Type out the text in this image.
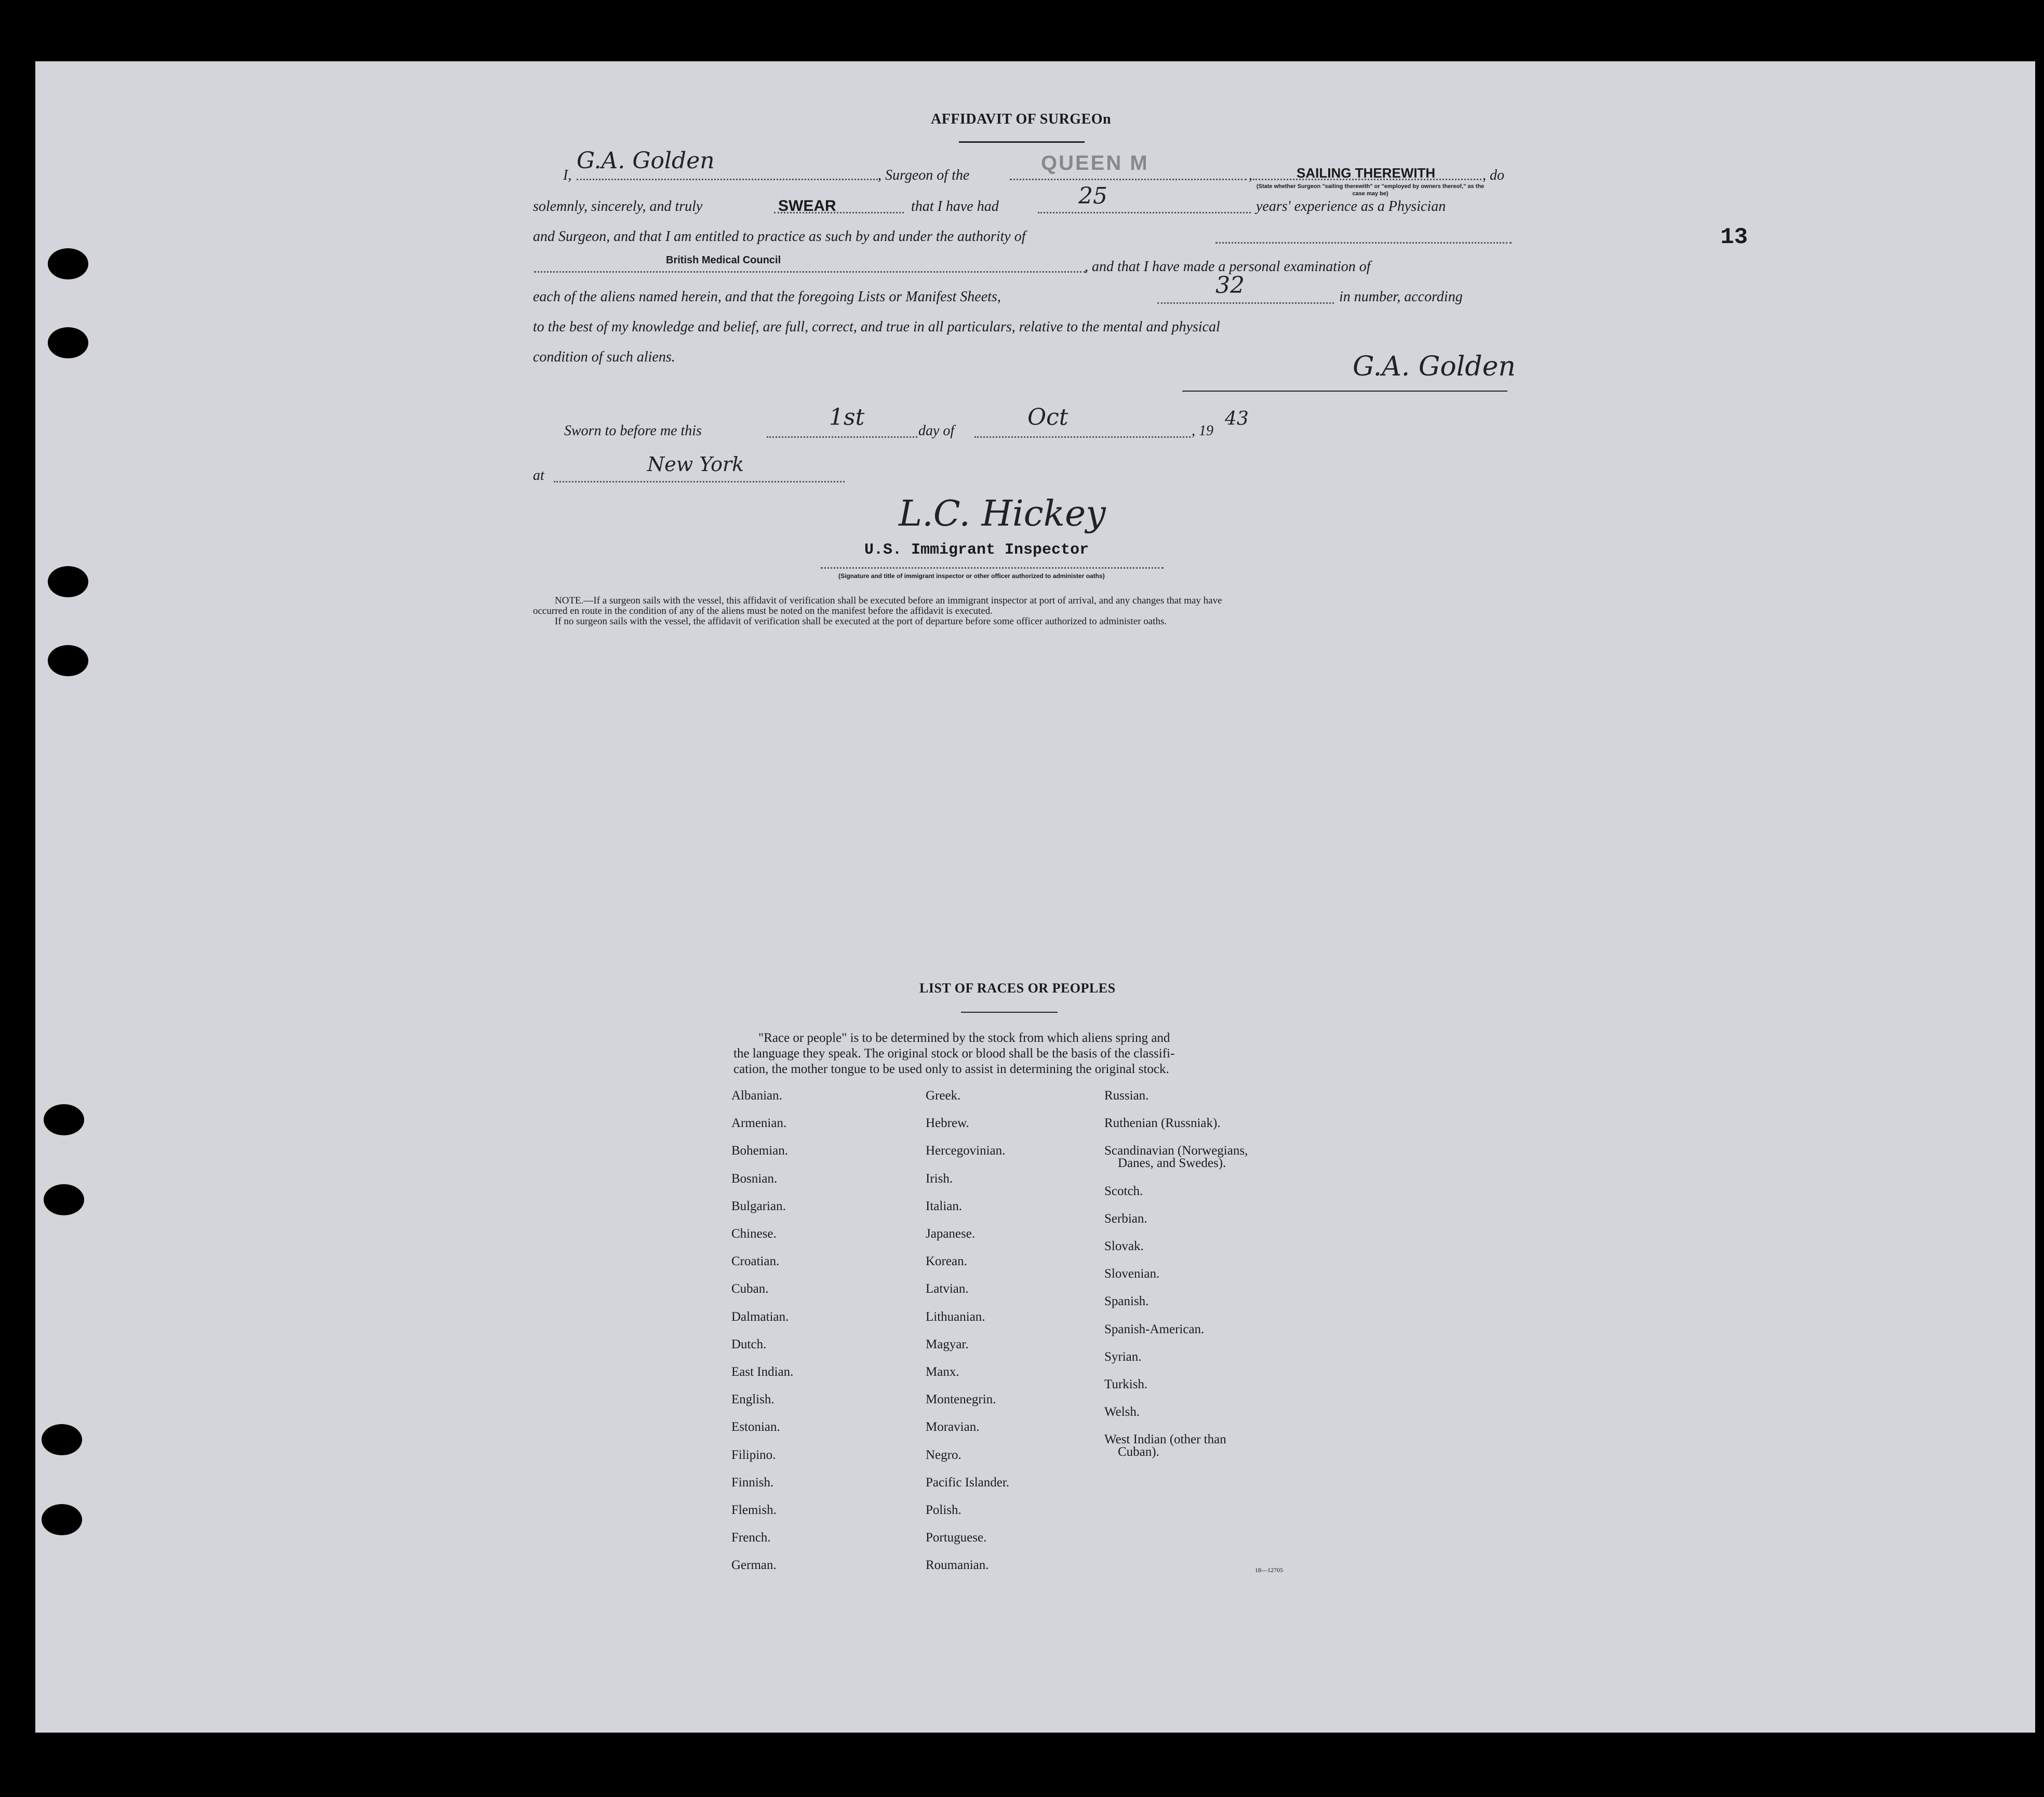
AFFIDAVIT OF SURGEOn
13
I,
G.A. Golden
, Surgeon of the
QUEEN M
,	SAILING THEREWITH	, do
(State whether Surgeon "sailing therewith" or "employed by owners thereof," as the case may be)
solemnly, sincerely, and truly	SWEAR	that I have had	25	years' experience as a Physician
and Surgeon, and that I am entitled to practice as such by and under the authority of
British Medical Council	, and that I have made a personal examination of
each of the aliens named herein, and that the foregoing Lists or Manifest Sheets,	32	in number, according
to the best of my knowledge and belief, are full, correct, and true in all particulars, relative to the mental and physical
condition of such aliens.	G.A. Golden
Sworn to before me this
1st
day of
Oct
, 19
43
at	New York
L.C. Hickey
U.S. Immigrant Inspector
(Signature and title of immigrant inspector or other officer authorized to administer oaths)
NOTE.—If a surgeon sails with the vessel, this affidavit of verification shall be executed before an immigrant inspector at port of arrival, and any changes that may have
occurred en route in the condition of any of the aliens must be noted on the manifest before the affidavit is executed.
If no surgeon sails with the vessel, the affidavit of verification shall be executed at the port of departure before some officer authorized to administer oaths.
LIST OF RACES OR PEOPLES
"Race or people" is to be determined by the stock from which aliens spring and
the language they speak. The original stock or blood shall be the basis of the classifi-
cation, the mother tongue to be used only to assist in determining the original stock.
Albanian.
Armenian.
Bohemian.
Bosnian.
Bulgarian.
Chinese.
Croatian.
Cuban.
Dalmatian.
Dutch.
East Indian.
English.
Estonian.
Filipino.
Finnish.
Flemish.
French.
German.
Greek.
Hebrew.
Hercegovinian.
Irish.
Italian.
Japanese.
Korean.
Latvian.
Lithuanian.
Magyar.
Manx.
Montenegrin.
Moravian.
Negro.
Pacific Islander.
Polish.
Portuguese.
Roumanian.
Russian.
Ruthenian (Russniak).
Scandinavian (Norwegians,
Danes, and Swedes).
Scotch.
Serbian.
Slovak.
Slovenian.
Spanish.
Spanish-American.
Syrian.
Turkish.
Welsh.
West Indian (other than
Cuban).
18—12705
